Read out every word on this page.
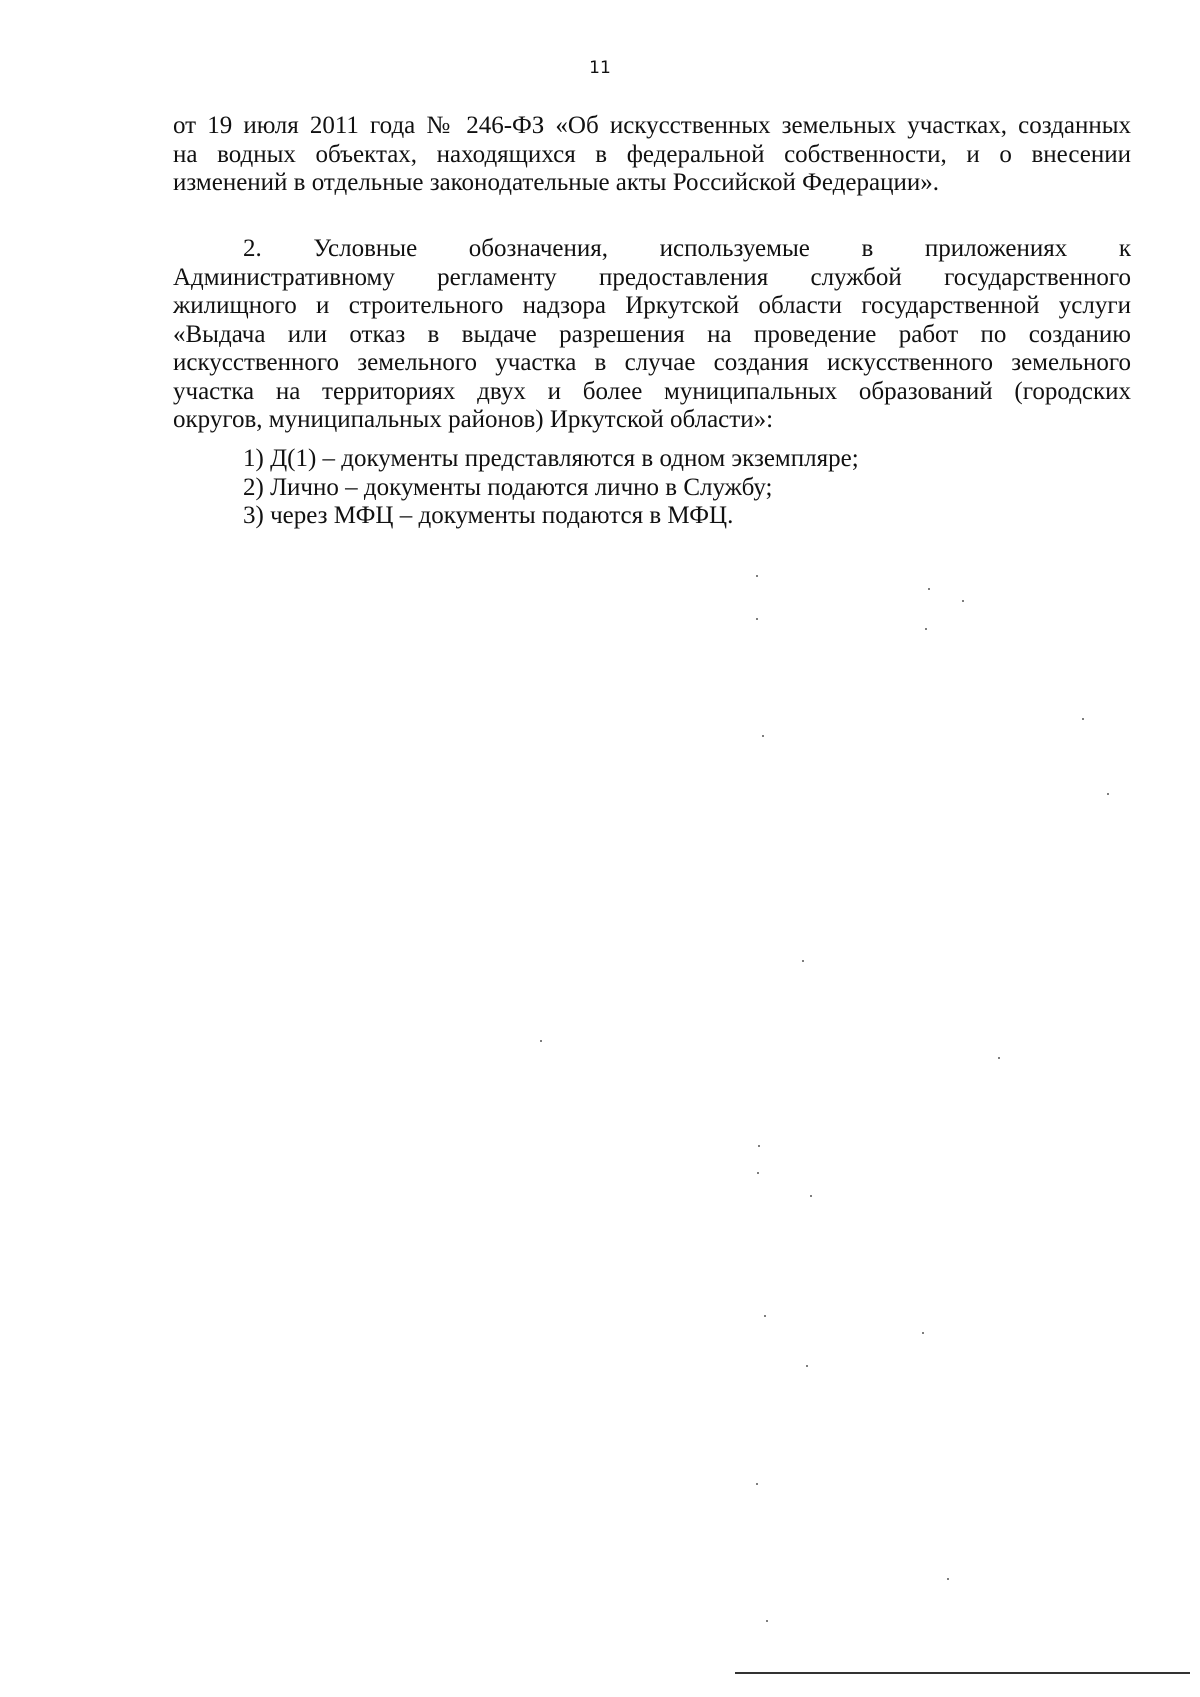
11
от 19 июля 2011 года № 246-ФЗ «Об искусственных земельных участках, созданных
на водных объектах, находящихся в федеральной собственности, и о внесении
изменений в отдельные законодательные акты Российской Федерации».
2. Условные обозначения, используемые в приложениях к
Административному регламенту предоставления службой государственного
жилищного и строительного надзора Иркутской области государственной услуги
«Выдача или отказ в выдаче разрешения на проведение работ по созданию
искусственного земельного участка в случае создания искусственного земельного
участка на территориях двух и более муниципальных образований (городских
округов, муниципальных районов) Иркутской области»:
1) Д(1) – документы представляются в одном экземпляре;
2) Лично – документы подаются лично в Службу;
3) через МФЦ – документы подаются в МФЦ.
